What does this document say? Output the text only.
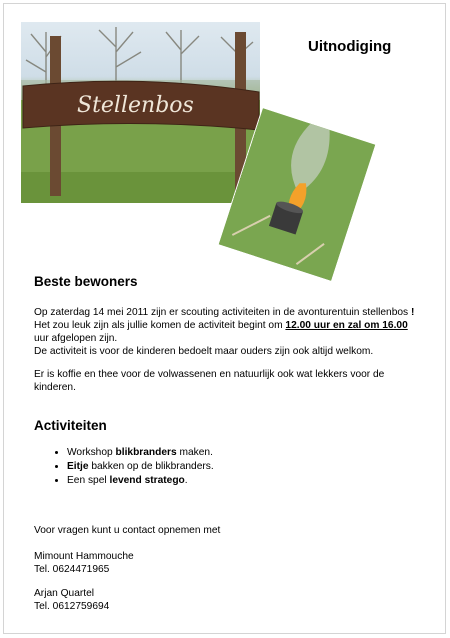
Stellenbos
Uitnodiging
Beste bewoners
Op zaterdag 14 mei 2011 zijn er scouting activiteiten in de avonturentuin stellenbos !
Het zou leuk zijn als jullie komen de activiteit begint om 12.00 uur en zal om 16.00
uur afgelopen zijn.
De activiteit is voor de kinderen bedoelt maar ouders zijn ook altijd welkom.
Er is koffie en thee voor de volwassenen en natuurlijk ook wat lekkers voor de
kinderen.
Activiteiten
• Workshop blikbranders maken.
• Eitje bakken op de blikbranders.
• Een spel levend stratego.
Voor vragen kunt u contact opnemen met
Mimount Hammouche
Tel. 0624471965
Arjan Quartel
Tel. 0612759694
